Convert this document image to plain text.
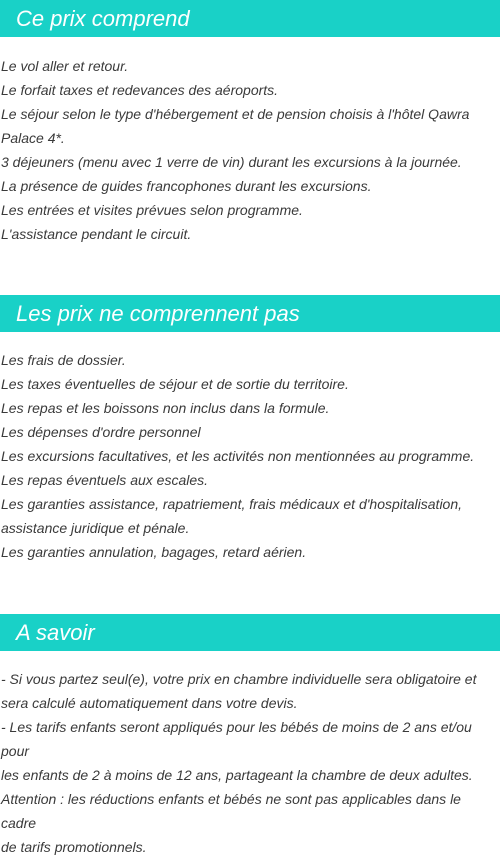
Ce prix comprend
Le vol aller et retour.
Le forfait taxes et redevances des aéroports.
Le séjour selon le type d'hébergement et de pension choisis à l'hôtel Qawra
Palace 4*.
3 déjeuners (menu avec 1 verre de vin) durant les excursions à la journée.
La présence de guides francophones durant les excursions.
Les entrées et visites prévues selon programme.
L'assistance pendant le circuit.
Les prix ne comprennent pas
Les frais de dossier.
Les taxes éventuelles de séjour et de sortie du territoire.
Les repas et les boissons non inclus dans la formule.
Les dépenses d'ordre personnel
Les excursions facultatives, et les activités non mentionnées au programme.
Les repas éventuels aux escales.
Les garanties assistance, rapatriement, frais médicaux et d'hospitalisation,
assistance juridique et pénale.
Les garanties annulation, bagages, retard aérien.
A savoir
- Si vous partez seul(e), votre prix en chambre individuelle sera obligatoire et
sera calculé automatiquement dans votre devis.
- Les tarifs enfants seront appliqués pour les bébés de moins de 2 ans et/ou pour
les enfants de 2 à moins de 12 ans, partageant la chambre de deux adultes.
Attention : les réductions enfants et bébés ne sont pas applicables dans le cadre
de tarifs promotionnels.
